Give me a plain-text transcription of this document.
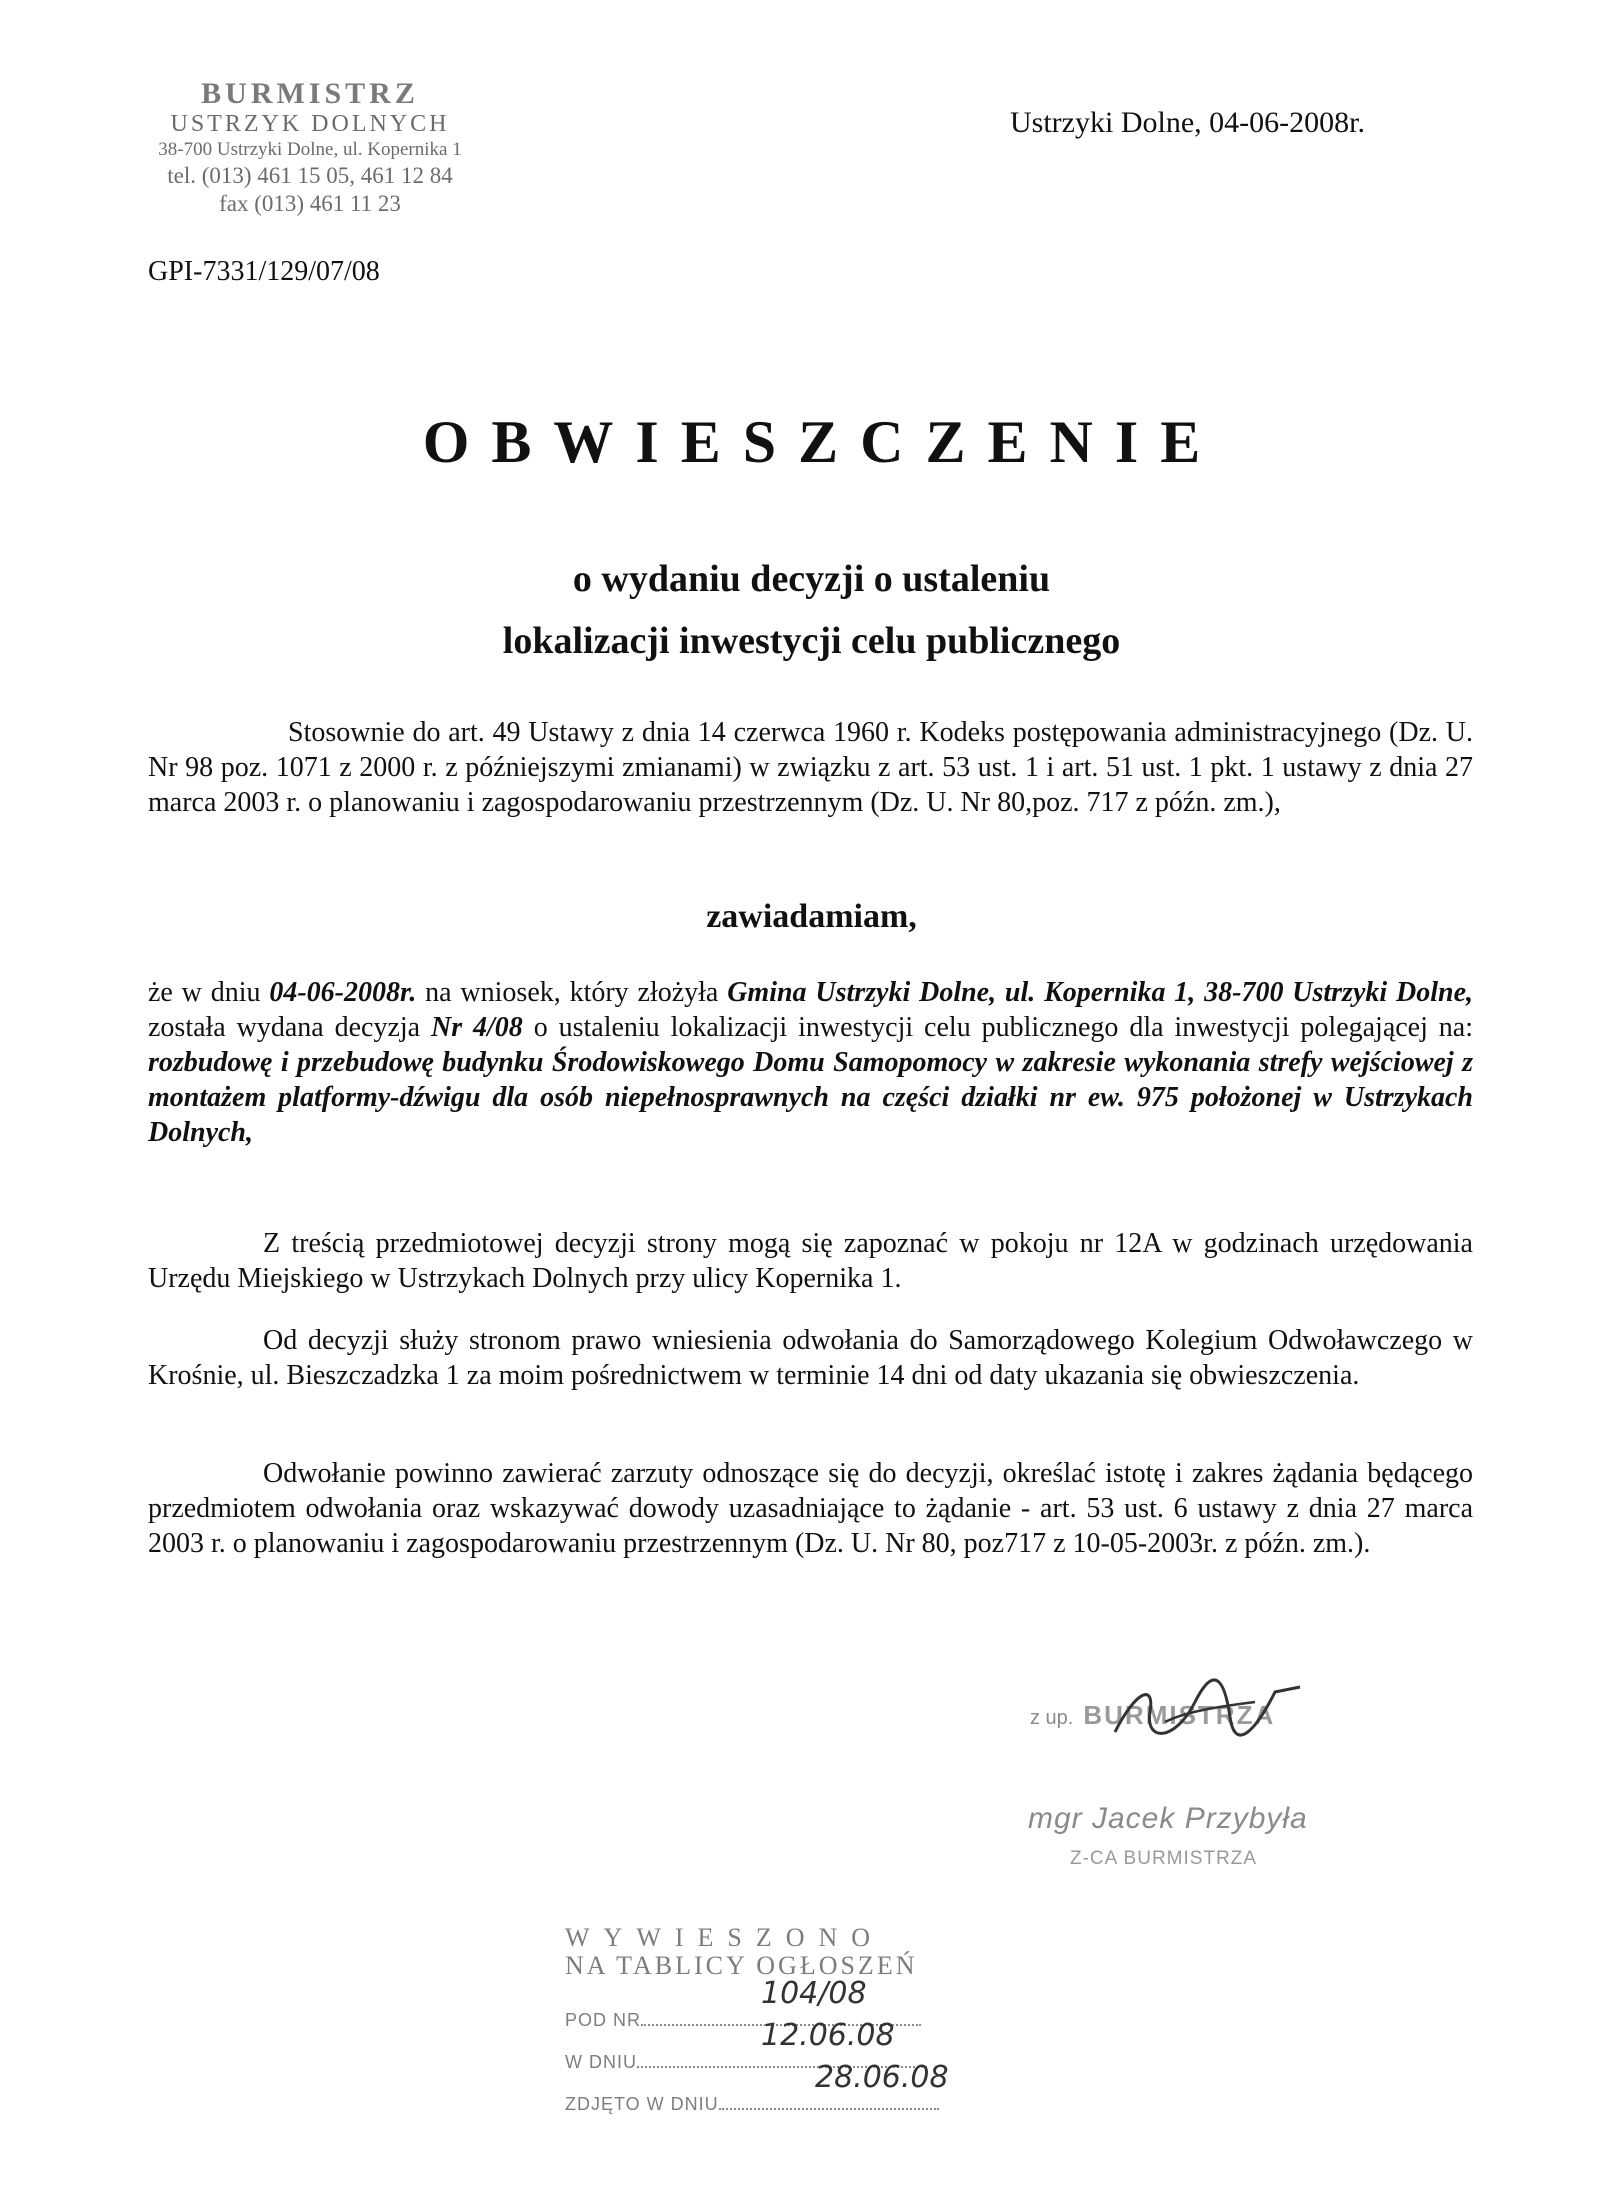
BURMISTRZ
USTRZYK DOLNYCH
38-700 Ustrzyki Dolne, ul. Kopernika 1
tel. (013) 461 15 05, 461 12 84
fax (013) 461 11 23
Ustrzyki Dolne, 04-06-2008r.
GPI-7331/129/07/08
OBWIESZCZENIE
o wydaniu decyzji o ustaleniu
lokalizacji inwestycji celu publicznego
Stosownie do art. 49 Ustawy z dnia 14 czerwca 1960 r. Kodeks postępowania administracyjnego (Dz. U. Nr 98 poz. 1071 z 2000 r. z późniejszymi zmianami) w związku z art. 53 ust. 1 i art. 51 ust. 1 pkt. 1 ustawy z dnia 27 marca 2003 r. o planowaniu i zagospodarowaniu przestrzennym (Dz. U. Nr 80,poz. 717 z późn. zm.),
zawiadamiam,
że w dniu 04-06-2008r. na wniosek, który złożyła Gmina Ustrzyki Dolne, ul. Kopernika 1, 38-700 Ustrzyki Dolne, została wydana decyzja Nr 4/08 o ustaleniu lokalizacji inwestycji celu publicznego dla inwestycji polegającej na: rozbudowę i przebudowę budynku Środowiskowego Domu Samopomocy w zakresie wykonania strefy wejściowej z montażem platformy-dźwigu dla osób niepełnosprawnych na części działki nr ew. 975 położonej w Ustrzykach Dolnych,
Z treścią przedmiotowej decyzji strony mogą się zapoznać w pokoju nr 12A w godzinach urzędowania Urzędu Miejskiego w Ustrzykach Dolnych przy ulicy Kopernika 1.
Od decyzji służy stronom prawo wniesienia odwołania do Samorządowego Kolegium Odwoławczego w Krośnie, ul. Bieszczadzka 1 za moim pośrednictwem w terminie 14 dni od daty ukazania się obwieszczenia.
Odwołanie powinno zawierać zarzuty odnoszące się do decyzji, określać istotę i zakres żądania będącego przedmiotem odwołania oraz wskazywać dowody uzasadniające to żądanie - art. 53 ust. 6 ustawy z dnia 27 marca 2003 r. o planowaniu i zagospodarowaniu przestrzennym (Dz. U. Nr 80, poz717 z 10-05-2003r. z późn. zm.).
z up. BURMISTRZA
mgr Jacek Przybyła
Z-CA BURMISTRZA
WYWIESZONO
NA TABLICY OGŁOSZEŃ
POD NR
104/08
W DNIU
12.06.08
ZDJĘTO W DNIU
28.06.08
